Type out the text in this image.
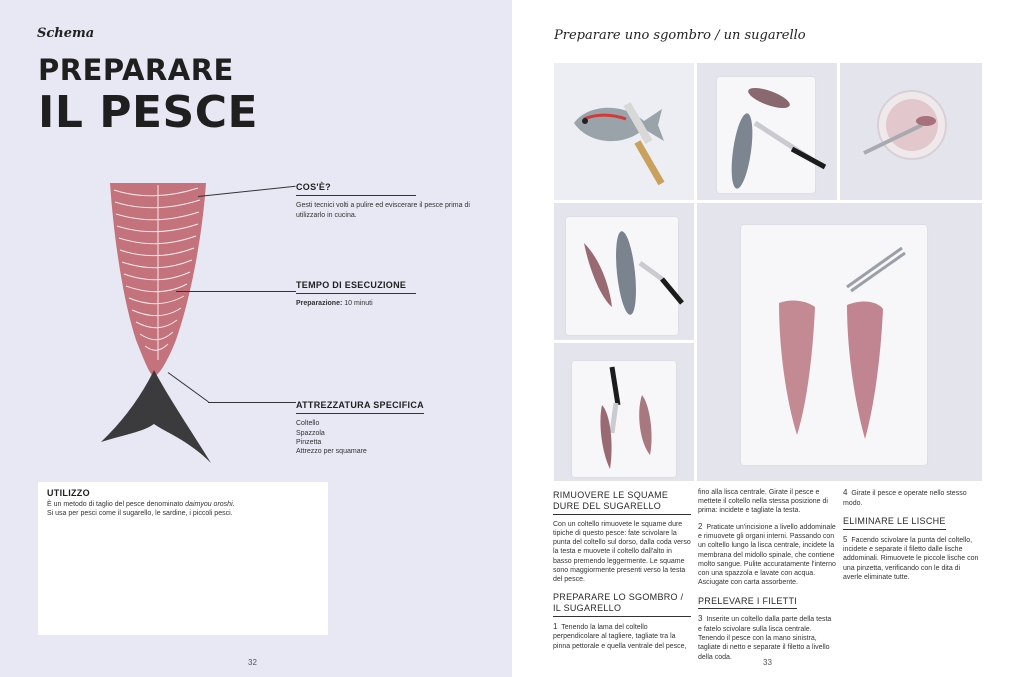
Schema
PREPARARE
IL PESCE
COS'È?
Gesti tecnici volti a pulire ed eviscerare il pesce prima di utilizzarlo in cucina.
TEMPO DI ESECUZIONE
Preparazione: 10 minuti
ATTREZZATURA SPECIFICA
Coltello
Spazzola
Pinzetta
Attrezzo per squamare
UTILIZZO
È un metodo di taglio del pesce denominato daimyou oroshi.
Si usa per pesci come il sugarello, le sardine, i piccoli pesci.
32
Preparare uno sgombro / un sugarello
RIMUOVERE LE SQUAME DURE DEL SUGARELLO

Con un coltello rimuovete le squame dure tipiche di questo pesce: fate scivolare la punta del coltello sul dorso, dalla coda verso la testa e muovete il coltello dall'alto in basso premendo leggermente. Le squame sono maggiormente presenti verso la testa del pesce.

PREPARARE LO SGOMBRO / IL SUGARELLO

1 Tenendo la lama del coltello perpendicolare al tagliere, tagliate tra la pinna pettorale e quella ventrale del pesce,

fino alla lisca centrale. Girate il pesce e mettete il coltello nella stessa posizione di prima: incidete e tagliate la testa.

2 Praticate un'incisione a livello addominale e rimuovete gli organi interni. Passando con un coltello lungo la lisca centrale, incidete la membrana del midollo spinale, che contiene molto sangue. Pulite accuratamente l'interno con una spazzola e lavate con acqua. Asciugate con carta assorbente.

PRELEVARE I FILETTI

3 Inserite un coltello dalla parte della testa e fatelo scivolare sulla lisca centrale. Tenendo il pesce con la mano sinistra, tagliate di netto e separate il filetto a livello della coda.

4 Girate il pesce e operate nello stesso modo.

ELIMINARE LE LISCHE

5 Facendo scivolare la punta del coltello, incidete e separate il filetto dalle lische addominali. Rimuovete le piccole lische con una pinzetta, verificando con le dita di averle eliminate tutte.

33
